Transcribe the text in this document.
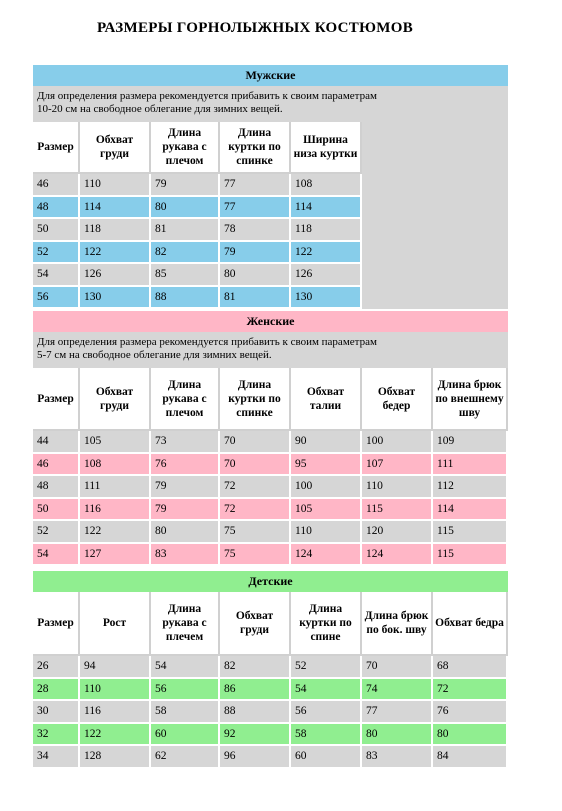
РАЗМЕРЫ ГОРНОЛЫЖНЫХ КОСТЮМОВ
Мужские
Для определения размера рекомендуется прибавить к своим параметрам
10-20 см на свободное облегание для зимних вещей.
Размер	Обхват груди	Длина рукава с плечом	Длина куртки по спинке	Ширина низа куртки
46	110	79	77	108
48	114	80	77	114
50	118	81	78	118
52	122	82	79	122
54	126	85	80	126
56	130	88	81	130
Женские
Для определения размера рекомендуется прибавить к своим параметрам
5-7 см на свободное облегание для зимних вещей.
Размер	Обхват груди	Длина рукава с плечом	Длина куртки по спинке	Обхват талии	Обхват бедер	Длина брюк по внешнему шву
44	105	73	70	90	100	109
46	108	76	70	95	107	111
48	111	79	72	100	110	112
50	116	79	72	105	115	114
52	122	80	75	110	120	115
54	127	83	75	124	124	115
Детские
Размер	Рост	Длина рукава с плечем	Обхват груди	Длина куртки по спине	Длина брюк по бок. шву	Обхват бедра
26	94	54	82	52	70	68
28	110	56	86	54	74	72
30	116	58	88	56	77	76
32	122	60	92	58	80	80
34	128	62	96	60	83	84
